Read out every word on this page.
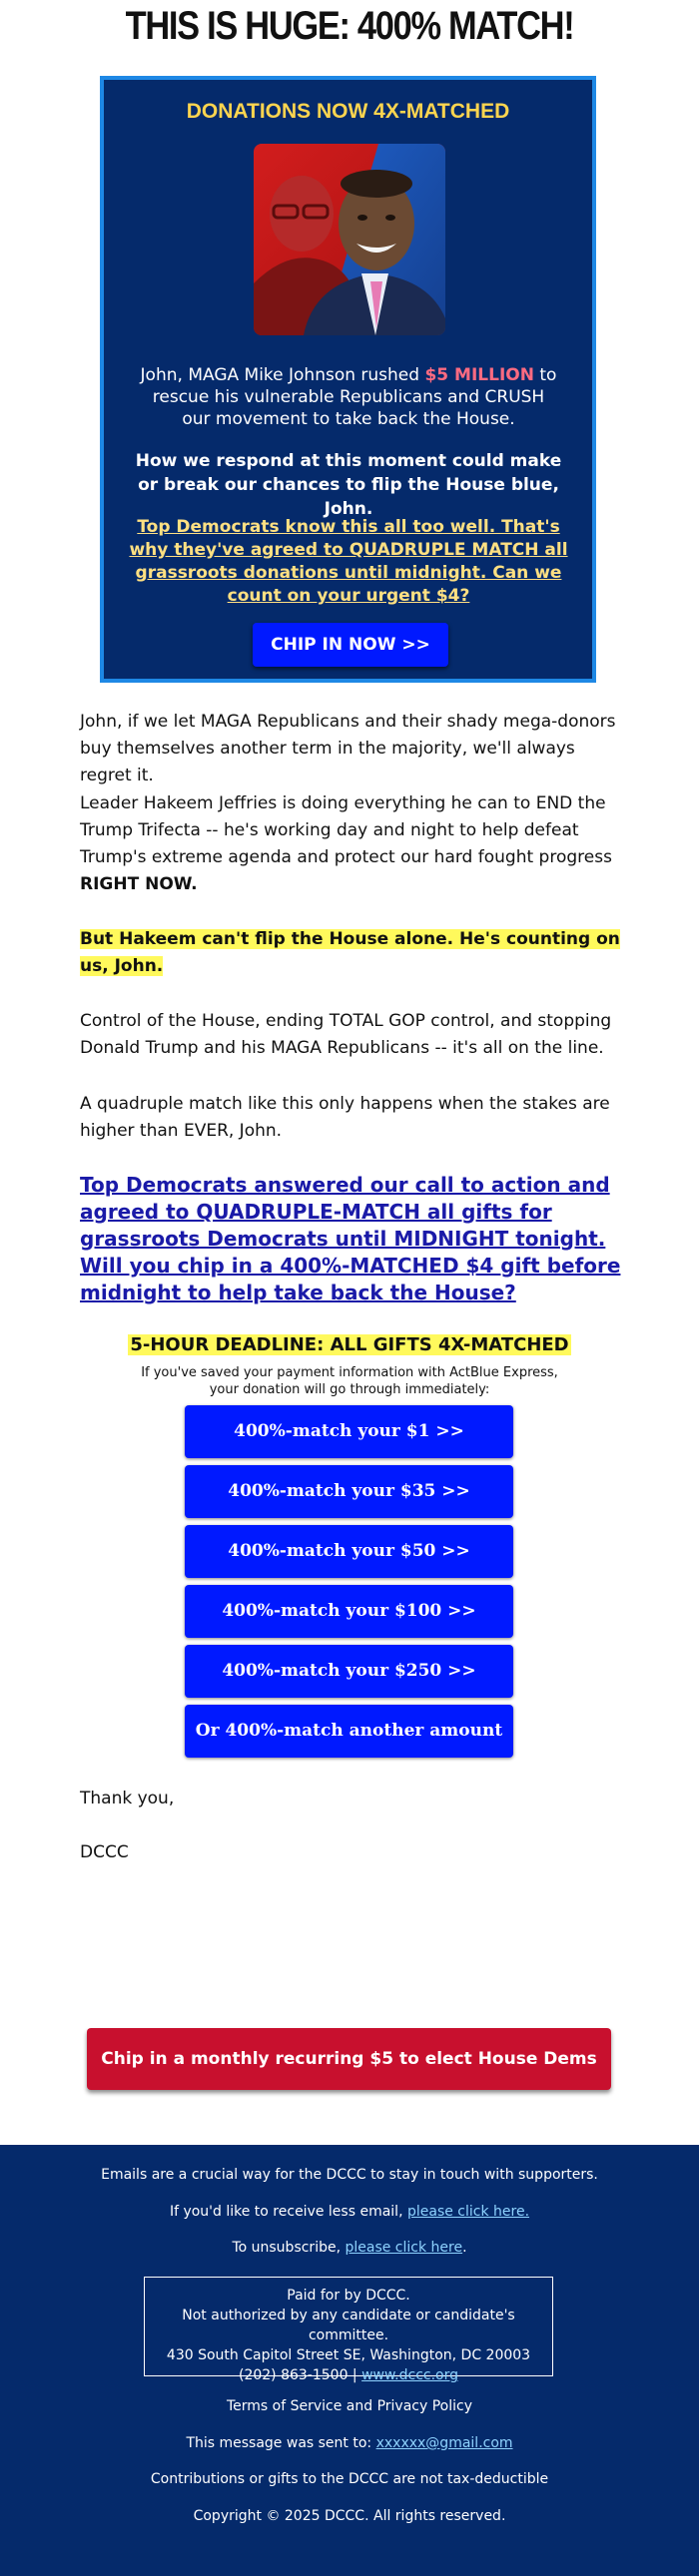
THIS IS HUGE: 400% MATCH!
DONATIONS NOW 4X-MATCHED
John, MAGA Mike Johnson rushed $5 MILLION to rescue his vulnerable Republicans and CRUSH our movement to take back the House.
How we respond at this moment could make or break our chances to flip the House blue, John.
Top Democrats know this all too well. That's why they've agreed to QUADRUPLE MATCH all grassroots donations until midnight. Can we count on your urgent $4?
CHIP IN NOW >>
John, if we let MAGA Republicans and their shady mega-donors buy themselves another term in the majority, we'll always regret it.
Leader Hakeem Jeffries is doing everything he can to END the Trump Trifecta -- he's working day and night to help defeat Trump's extreme agenda and protect our hard fought progress RIGHT NOW.
But Hakeem can't flip the House alone. He's counting on us, John.
Control of the House, ending TOTAL GOP control, and stopping Donald Trump and his MAGA Republicans -- it's all on the line.
A quadruple match like this only happens when the stakes are higher than EVER, John.
Top Democrats answered our call to action and agreed to QUADRUPLE-MATCH all gifts for grassroots Democrats until MIDNIGHT tonight. Will you chip in a 400%-MATCHED $4 gift before midnight to help take back the House?
5-HOUR DEADLINE: ALL GIFTS 4X-MATCHED
If you've saved your payment information with ActBlue Express,
your donation will go through immediately:
400%-match your $1 >>
400%-match your $35 >>
400%-match your $50 >>
400%-match your $100 >>
400%-match your $250 >>
Or 400%-match another amount >>
Thank you,
DCCC
Chip in a monthly recurring $5 to elect House Dems >>
Emails are a crucial way for the DCCC to stay in touch with supporters.
If you'd like to receive less email, please click here.
To unsubscribe, please click here.
Paid for by DCCC.
Not authorized by any candidate or candidate's committee.
430 South Capitol Street SE, Washington, DC 20003
(202) 863-1500 | www.dccc.org
Terms of Service and Privacy Policy
This message was sent to: xxxxxx@gmail.com
Contributions or gifts to the DCCC are not tax-deductible
Copyright © 2025 DCCC. All rights reserved.
